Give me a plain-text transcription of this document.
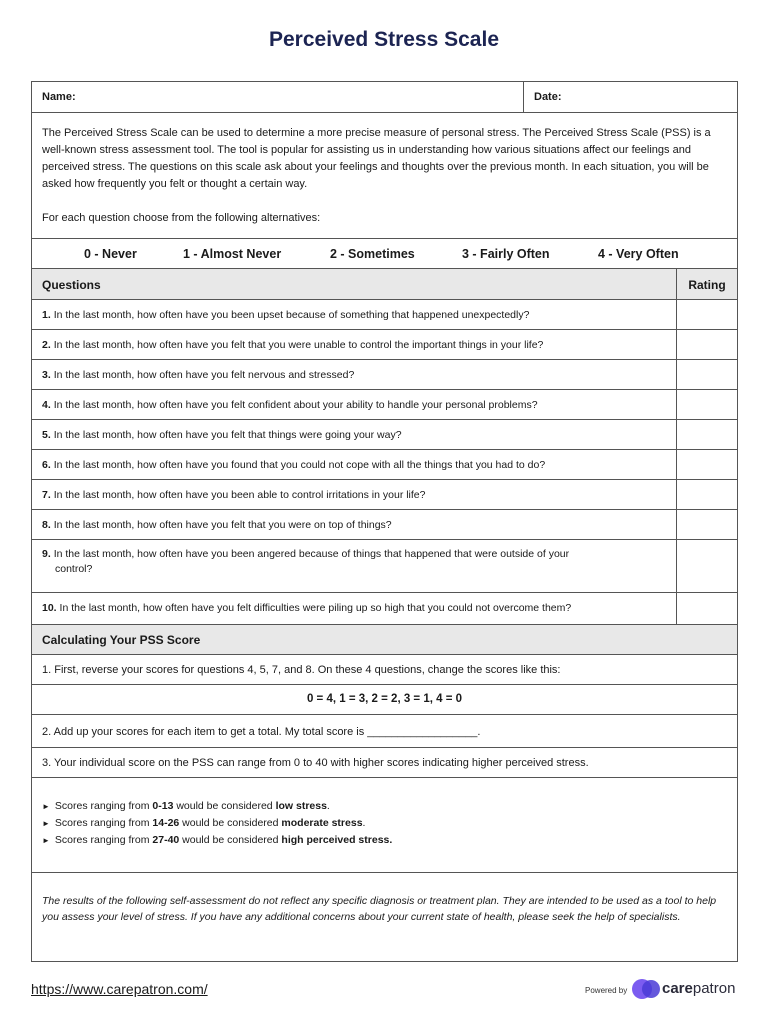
Perceived Stress Scale
Name:	Date:

The Perceived Stress Scale can be used to determine a more precise measure of personal stress. The Perceived Stress Scale (PSS) is a well-known stress assessment tool. The tool is popular for assisting us in understanding how various situations affect our feelings and perceived stress. The questions on this scale ask about your feelings and thoughts over the previous month. In each situation, you will be asked how frequently you felt or thought a certain way.

For each question choose from the following alternatives:

0 - Never	1 - Almost Never	2 - Sometimes	3 - Fairly Often	4 - Very Often
Questions	Rating
1. In the last month, how often have you been upset because of something that happened unexpectedly?
2. In the last month, how often have you felt that you were unable to control the important things in your life?
3. In the last month, how often have you felt nervous and stressed?
4. In the last month, how often have you felt confident about your ability to handle your personal problems?
5. In the last month, how often have you felt that things were going your way?
6. In the last month, how often have you found that you could not cope with all the things that you had to do?
7. In the last month, how often have you been able to control irritations in your life?
8. In the last month, how often have you felt that you were on top of things?
9. In the last month, how often have you been angered because of things that happened that were outside of your
control?
10. In the last month, how often have you felt difficulties were piling up so high that you could not overcome them?
Calculating Your PSS Score
1. First, reverse your scores for questions 4, 5, 7, and 8. On these 4 questions, change the scores like this:
0 = 4, 1 = 3, 2 = 2, 3 = 1, 4 = 0
2. Add up your scores for each item to get a total. My total score is __________________.
3. Your individual score on the PSS can range from 0 to 40 with higher scores indicating higher perceived stress.
► Scores ranging from 0-13 would be considered low stress.
► Scores ranging from 14-26 would be considered moderate stress.
► Scores ranging from 27-40 would be considered high perceived stress.

The results of the following self-assessment do not reflect any specific diagnosis or treatment plan. They are intended to be used as a tool to help you assess your level of stress. If you have any additional concerns about your current state of health, please seek the help of specialists.

https://www.carepatron.com/	Powered by carepatron
